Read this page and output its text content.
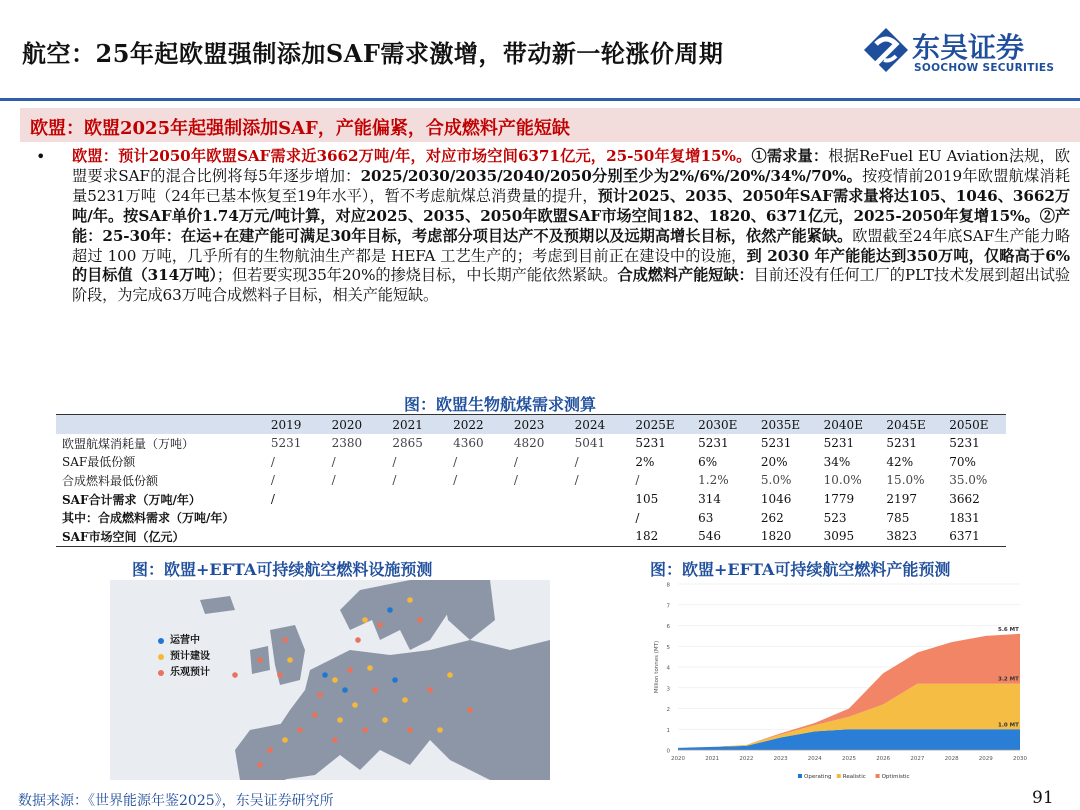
航空：25年起欧盟强制添加SAF需求激增，带动新一轮涨价周期	东吴证券
SOOCHOW SECURITIES
欧盟：欧盟2025年起强制添加SAF，产能偏紧，合成燃料产能短缺
• 欧盟：预计2050年欧盟SAF需求近3662万吨/年，对应市场空间6371亿元，25-50年复增15%。①需求量：根据ReFuel EU Aviation法规，欧盟要求SAF的混合比例将每5年逐步增加：2025/2030/2035/2040/2050分别至少为2%/6%/20%/34%/70%。按疫情前2019年欧盟航煤消耗量5231万吨（24年已基本恢复至19年水平），暂不考虑航煤总消费量的提升，预计2025、2035、2050年SAF需求量将达105、1046、3662万吨/年。按SAF单价1.74万元/吨计算，对应2025、2035、2050年欧盟SAF市场空间182、1820、6371亿元，2025-2050年复增15%。②产能：25-30年：在运+在建产能可满足30年目标，考虑部分项目达产不及预期以及远期高增长目标，依然产能紧缺。欧盟截至24年底SAF生产能力略超过 100 万吨，几乎所有的生物航油生产都是 HEFA 工艺生产的；考虑到目前正在建设中的设施，到 2030 年产能能达到350万吨，仅略高于6%的目标值（314万吨）；但若要实现35年20%的掺烧目标，中长期产能依然紧缺。合成燃料产能短缺：目前还没有任何工厂的PLT技术发展到超出试验阶段，为完成63万吨合成燃料子目标，相关产能短缺。
图：欧盟生物航煤需求测算
	2019	2020	2021	2022	2023	2024	2025E	2030E	2035E	2040E	2045E	2050E
欧盟航煤消耗量（万吨）	5231	2380	2865	4360	4820	5041	5231	5231	5231	5231	5231	5231
SAF最低份额	/	/	/	/	/	/	2%	6%	20%	34%	42%	70%
合成燃料最低份额	/	/	/	/	/	/	/	1.2%	5.0%	10.0%	15.0%	35.0%
SAF合计需求（万吨/年）	/						105	314	1046	1779	2197	3662
其中：合成燃料需求（万吨/年）							/	63	262	523	785	1831
SAF市场空间（亿元）							182	546	1820	3095	3823	6371
图：欧盟+EFTA可持续航空燃料设施预测	图：欧盟+EFTA可持续航空燃料产能预测
运营中
预计建设
乐观预计
0
1
2
3
4
5
6
7
8
2020	2021	2022	2023	2024	2025	2026	2027	2028	2029	2030
Million tonnes (MT)
5.6 MT
3.2 MT
1.0 MT
Operating Realistic	Optimistic
数据来源：《世界能源年鉴2025》，东吴证券研究所	91
